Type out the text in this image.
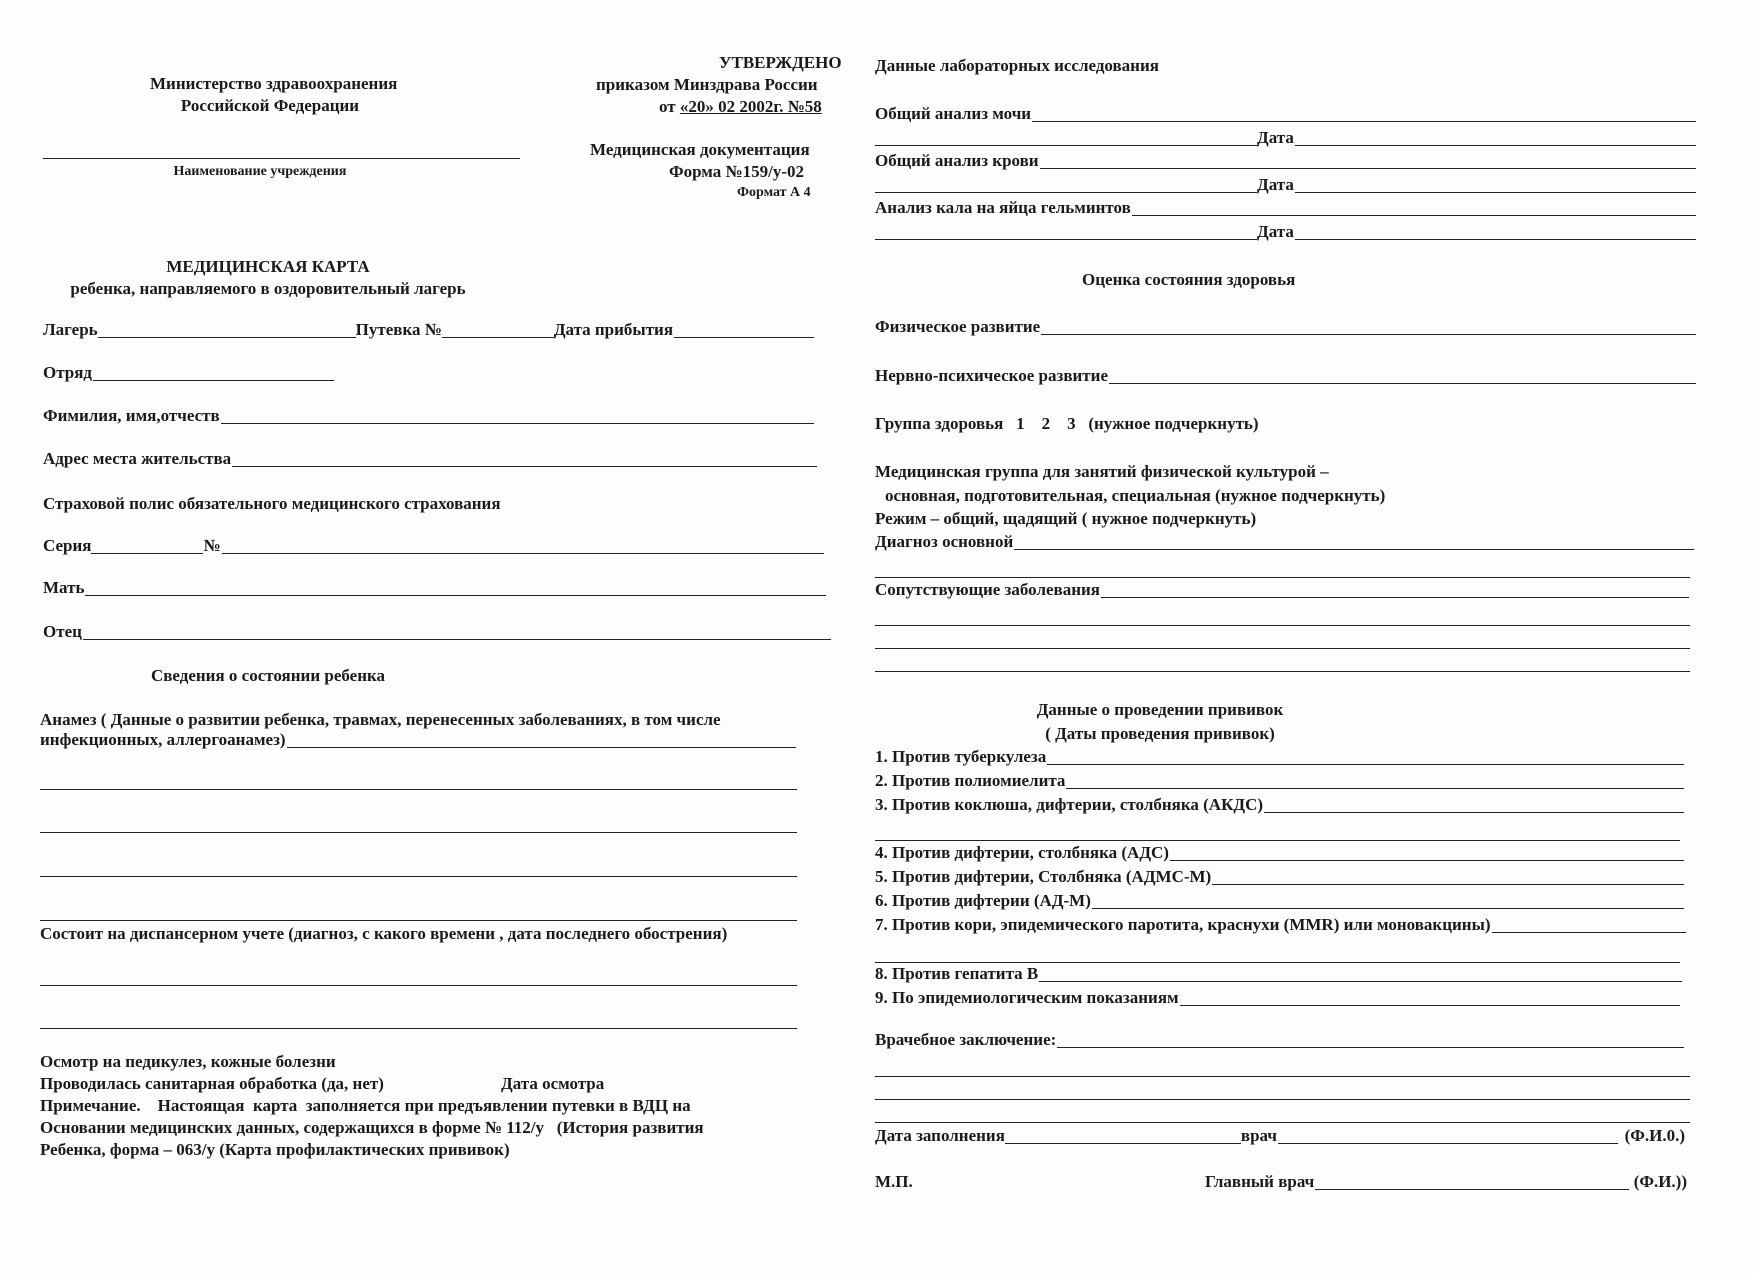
Министерство здравоохранения
Российской Федерации
Наименование учреждения
УТВЕРЖДЕНО
приказом Минздрава России
от «20» 02 2002г. №58
Медицинская документация
Форма №159/у-02
Формат А 4
МЕДИЦИНСКАЯ КАРТА
ребенка, направляемого в оздоровительный лагерь
Лагерь	Путевка №	Дата прибытия
Отряд
Фимилия, имя,отчеств
Адрес места жительства
Страховой полис обязательного медицинского страхования
Серия	№
Мать
Отец
Сведения о состоянии ребенка
Анамез ( Данные о развитии ребенка, травмах, перенесенных заболеваниях, в том числе
инфекционных, аллергоанамез)
Состоит на диспансерном учете (диагноз, с какого времени , дата последнего обострения)
Осмотр на педикулез, кожные болезни
Проводилась санитарная обработка (да, нет)	Дата осмотра
Примечание.    Настоящая  карта  заполняется при предъявлении путевки в ВДЦ на
Основании медицинских данных, содержащихся в форме № 112/у   (История развития
Ребенка, форма – 063/у (Карта профилактических прививок)
Данные лабораторных исследования
Общий анализ мочи
Дата
Общий анализ крови
Дата
Анализ кала на яйца гельминтов
Дата
Оценка состояния здоровья
Физическое развитие
Нервно-психическое развитие
Группа здоровья   1    2    3   (нужное подчеркнуть)
Медицинская группа для занятий физической культурой –
основная, подготовительная, специальная (нужное подчеркнуть)
Режим – общий, щадящий ( нужное подчеркнуть)
Диагноз основной
Сопутствующие заболевания
Данные о проведении прививок
( Даты проведения прививок)
1. Против туберкулеза
2. Против полиомиелита
3. Против коклюша, дифтерии, столбняка (АКДС)
4. Против дифтерии, столбняка (АДС)
5. Против дифтерии, Столбняка (АДМС-М)
6. Против дифтерии (АД-М)
7. Против кори, эпидемического паротита, краснухи (MMR) или моновакцины)
8. Против гепатита В
9. По эпидемиологическим показаниям
Врачебное заключение:
Дата заполнения	врач	(Ф.И.0.)
М.П.	Главный врач	(Ф.И.))
